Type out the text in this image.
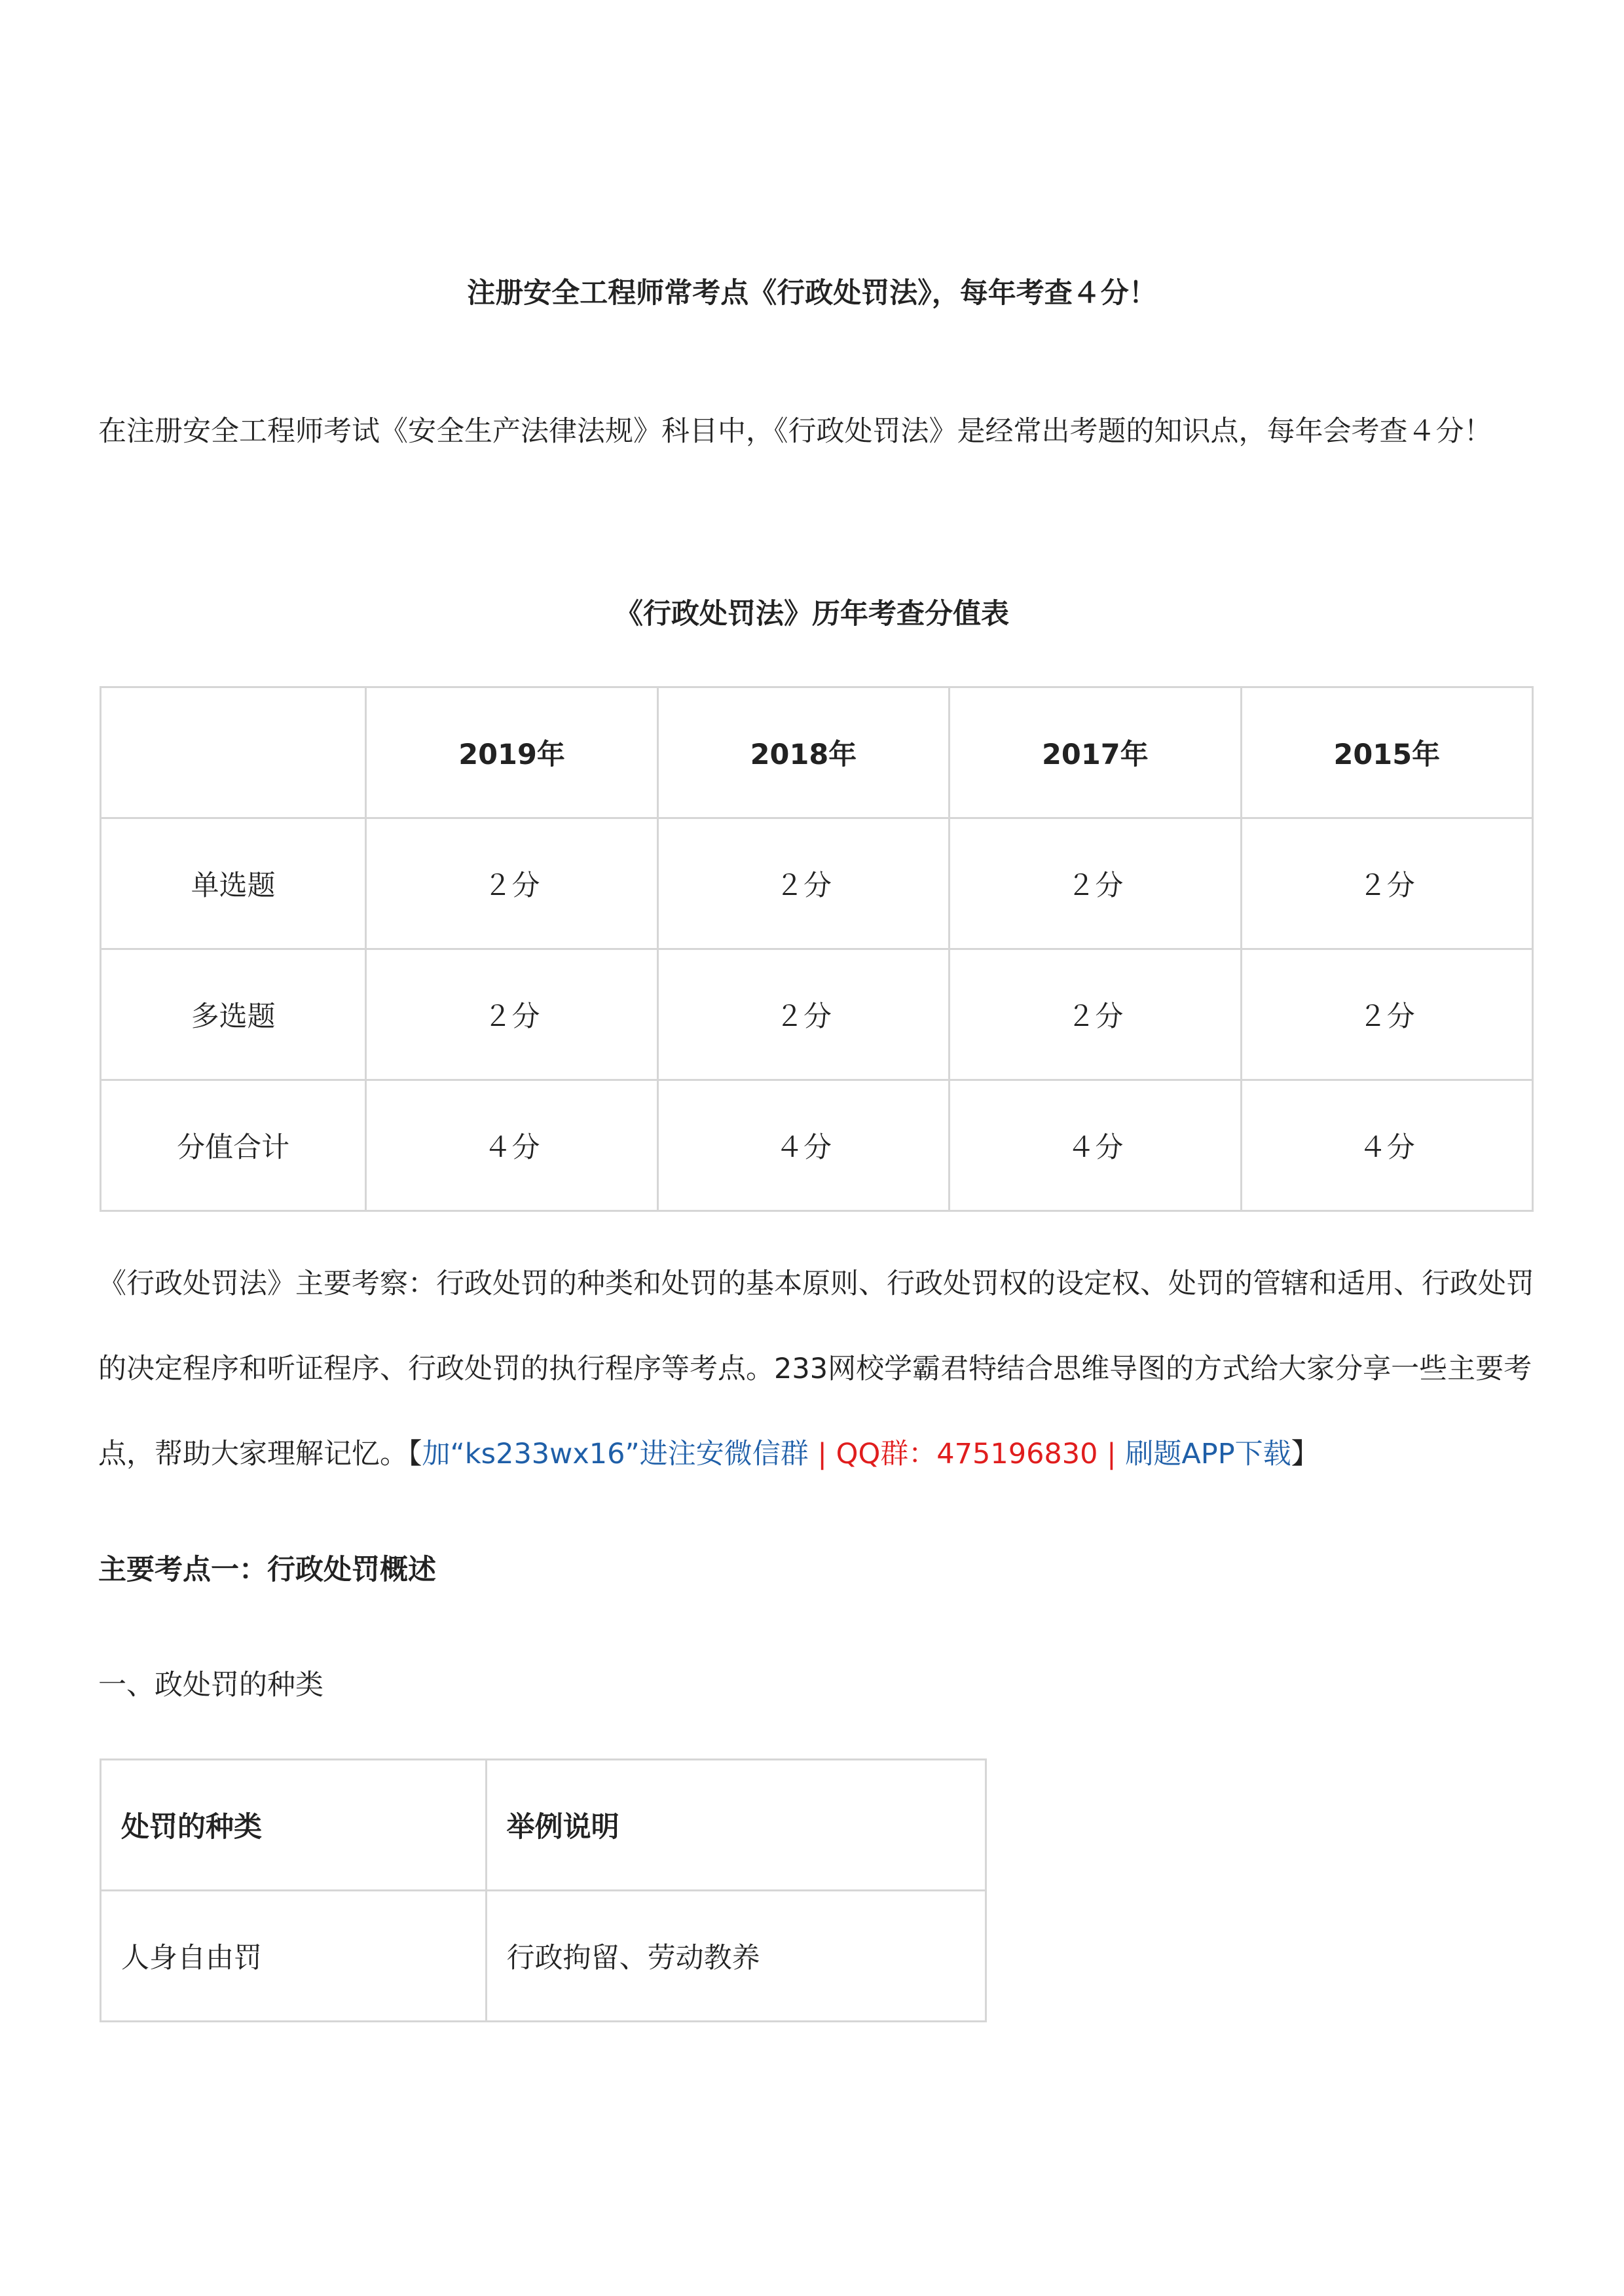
注册安全工程师常考点《行政处罚法》，每年考查４分！
在注册安全工程师考试《安全生产法律法规》科目中，《行政处罚法》是经常出考题的知识点，每年会考查４分！
《行政处罚法》历年考查分值表
	2019年	2018年	2017年	2015年
单选题	２分	２分	２分	２分
多选题	２分	２分	２分	２分
分值合计	４分	４分	４分	４分
《行政处罚法》主要考察：行政处罚的种类和处罚的基本原则、行政处罚权的设定权、处罚的管辖和适用、行政处罚的决定程序和听证程序、行政处罚的执行程序等考点。233网校学霸君特结合思维导图的方式给大家分享一些主要考点，帮助大家理解记忆。【加“ks233wx16”进注安微信群 | QQ群：475196830 | 刷题APP下载】
主要考点一：行政处罚概述
一、政处罚的种类
处罚的种类	举例说明
人身自由罚	行政拘留、劳动教养
